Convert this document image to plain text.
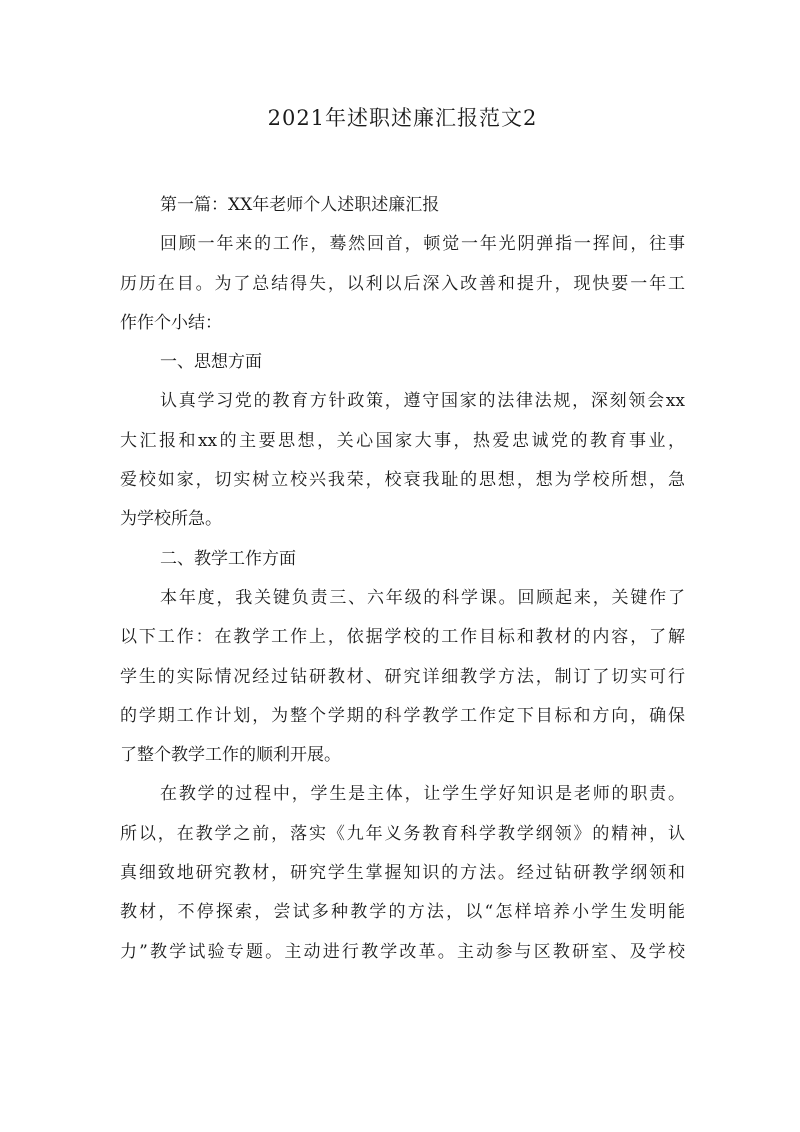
2021年述职述廉汇报范文2

第一篇：XX年老师个人述职述廉汇报

回顾一年来的工作，蓦然回首，顿觉一年光阴弹指一挥间，往事
历历在目。为了总结得失，以利以后深入改善和提升，现快要一年工
作作个小结：

一、思想方面

认真学习党的教育方针政策，遵守国家的法律法规，深刻领会xx
大汇报和xx的主要思想，关心国家大事，热爱忠诚党的教育事业，
爱校如家，切实树立校兴我荣，校衰我耻的思想，想为学校所想，急
为学校所急。

二、教学工作方面

本年度，我关键负责三、六年级的科学课。回顾起来，关键作了
以下工作：在教学工作上，依据学校的工作目标和教材的内容，了解
学生的实际情况经过钻研教材、研究详细教学方法，制订了切实可行
的学期工作计划，为整个学期的科学教学工作定下目标和方向，确保
了整个教学工作的顺利开展。

在教学的过程中，学生是主体，让学生学好知识是老师的职责。
所以，在教学之前，落实《九年义务教育科学教学纲领》的精神，认
真细致地研究教材，研究学生掌握知识的方法。经过钻研教学纲领和
教材，不停探索，尝试多种教学的方法，以“怎样培养小学生发明能
力”教学试验专题。主动进行教学改革。主动参与区教研室、及学校
